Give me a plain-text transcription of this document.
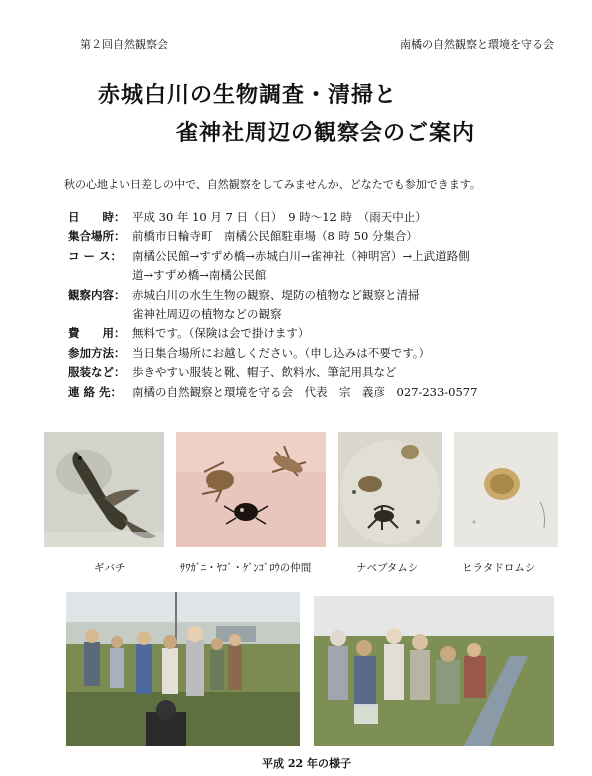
第２回自然観察会	南橘の自然観察と環境を守る会
赤城白川の生物調査・清掃と
雀神社周辺の観察会のご案内
秋の心地よい日差しの中で、自然観察をしてみませんか、どなたでも参加できます。
日　　時： 平成 30 年 10 月 7 日（日）　9 時～12 時　（雨天中止）
集合場所： 前橋市日輪寺町　南橘公民館駐車場（8 時 50 分集合）
コ ー ス： 南橘公民館→すずめ橋→赤城白川→雀神社（神明宮）→上武道路側
道→すずめ橋→南橘公民館
観察内容： 赤城白川の水生生物の観察、堤防の植物など観察と清掃
雀神社周辺の植物などの観察
費　　用： 無料です。（保険は会で掛けます）
参加方法： 当日集合場所にお越しください。（申し込みは不要です。）
服装など： 歩きやすい服装と靴、帽子、飲料水、筆記用具など
連 絡 先： 南橘の自然観察と環境を守る会　代表　宗　義彦　027-233-0577
ギバチ	ｻﾜｶﾞﾆ・ﾔｺﾞ・ｹﾞﾝｺﾞﾛｳの仲間	ナベブタムシ	ヒラタドロムシ
平成 22 年の様子
